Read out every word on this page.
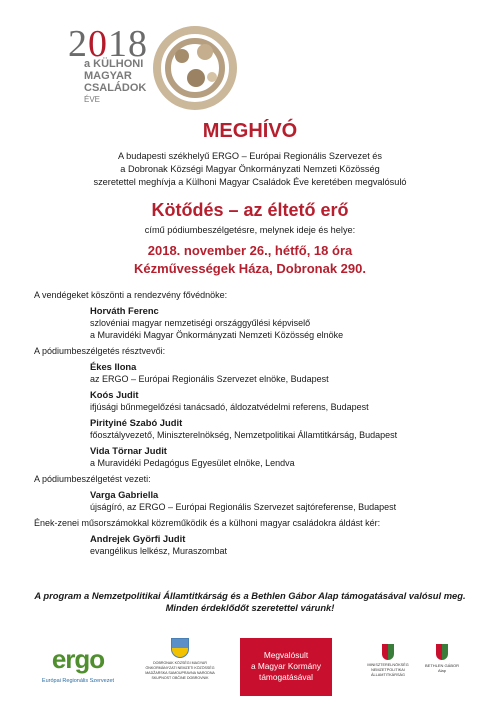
2018
a KÜLHONI
MAGYAR
CSALÁDOK
ÉVE
MEGHÍVÓ
A budapesti székhelyű ERGO – Európai Regionális Szervezet és
a Dobronak Községi Magyar Önkormányzati Nemzeti Közösség
szeretettel meghívja a Külhoni Magyar Családok Éve keretében megvalósuló
Kötődés – az éltető erő
című pódiumbeszélgetésre, melynek ideje és helye:
2018. november 26., hétfő, 18 óra
Kézművességek Háza, Dobronak 290.
A vendégeket köszönti a rendezvény fővédnöke:
Horváth Ferenc
szlovéniai magyar nemzetiségi országgyűlési képviselő
a Muravidéki Magyar Önkormányzati Nemzeti Közösség elnöke
A pódiumbeszélgetés résztvevői:
Ékes Ilona
az ERGO – Európai Regionális Szervezet elnöke, Budapest
Koós Judit
ifjúsági bűnmegelőzési tanácsadó, áldozatvédelmi referens, Budapest
Pirityiné Szabó Judit
főosztályvezető, Miniszterelnökség, Nemzetpolitikai Államtitkárság, Budapest
Vida Törnar Judit
a Muravidéki Pedagógus Egyesület elnöke, Lendva
A pódiumbeszélgetést vezeti:
Varga Gabriella
újságíró, az ERGO – Európai Regionális Szervezet sajtóreferense, Budapest
Ének-zenei műsorszámokkal közreműködik és a külhoni magyar családokra áldást kér:
Andrejek Györfi Judit
evangélikus lelkész, Muraszombat
A program a Nemzetpolitikai Államtitkárság és a Bethlen Gábor Alap támogatásával valósul meg.
Minden érdeklődőt szeretettel várunk!
ergo
Európai Regionális Szervezet
DOBRONAK KÖZSÉGI MAGYAR
ÖNKORMÁNYZATI NEMZETI KÖZÖSSÉG
MADŽARSKA SAMOUPRAVNA NARODNA
SKUPNOST OBČINE DOBROVNIK
Megvalósult
a Magyar Kormány
támogatásával
MINISZTERELNÖKSÉG
NEMZETPOLITIKAI ÁLLAMTITKÁRSÁG
BETHLEN GÁBOR
Alap
